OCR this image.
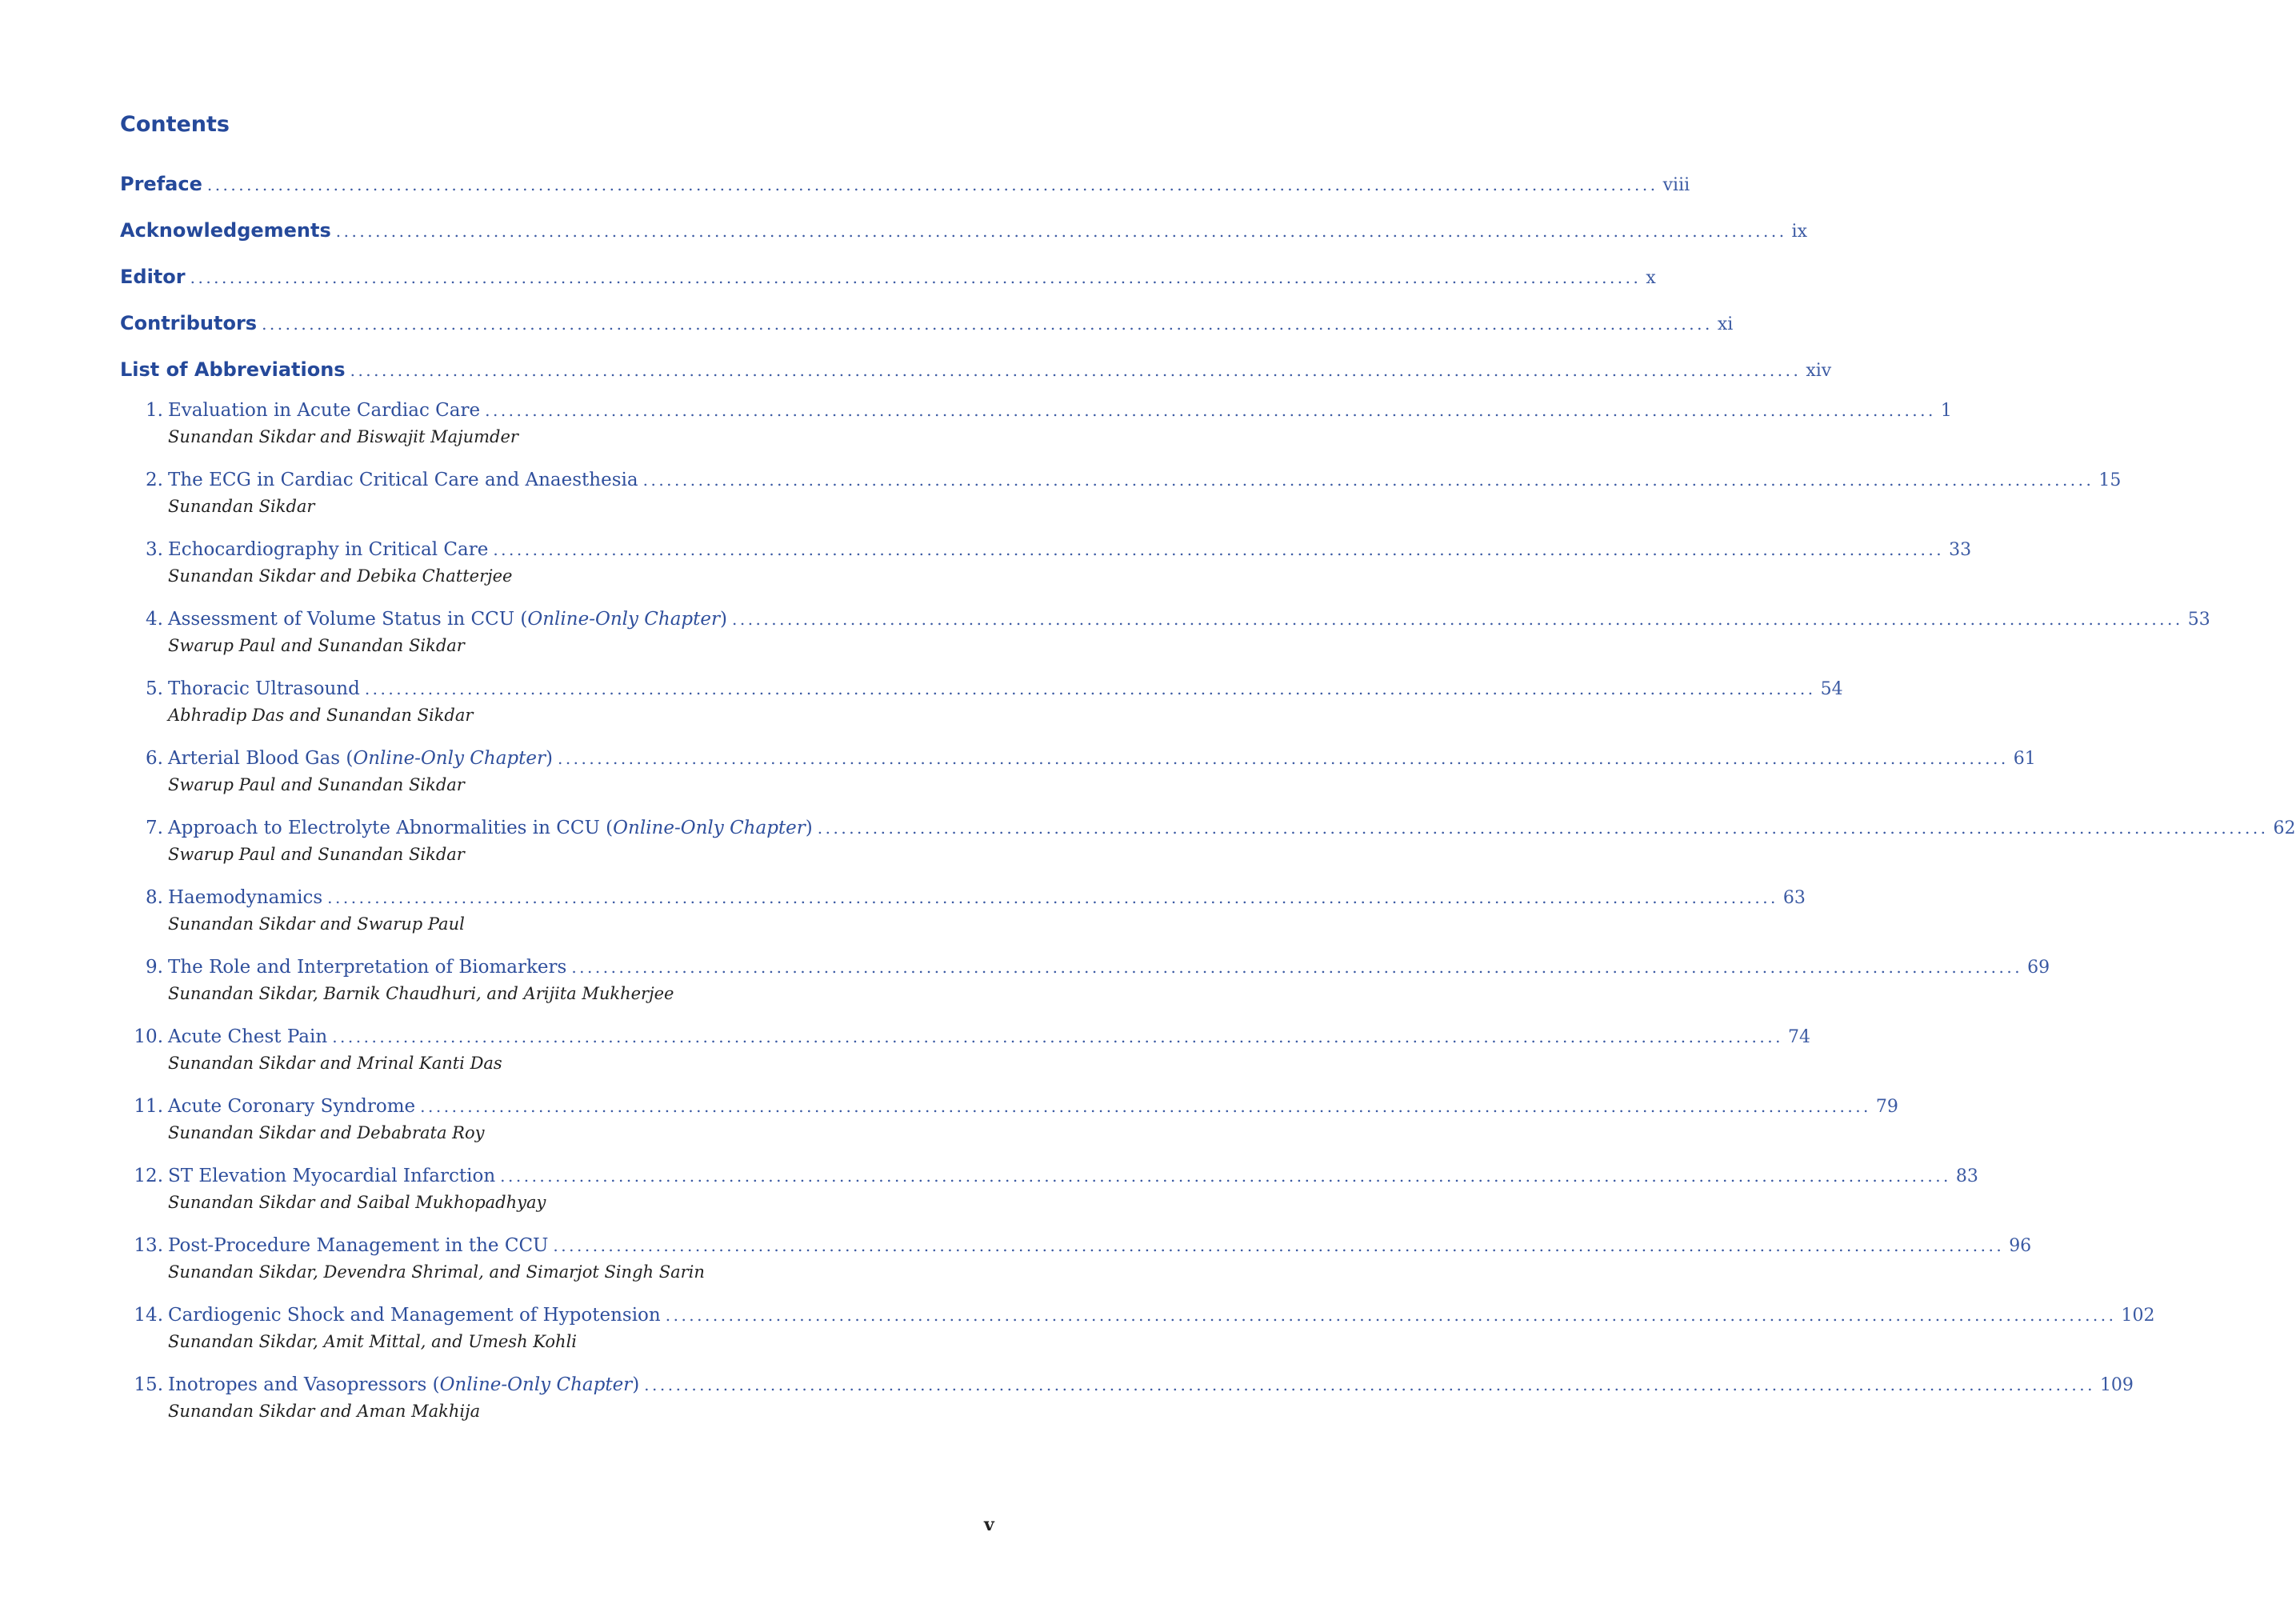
Contents
Preface ........................................................................................................................................................................................ viii
Acknowledgements ........................................................................................................................................................................................ ix
Editor ........................................................................................................................................................................................ x
Contributors ........................................................................................................................................................................................ xi
List of Abbreviations ........................................................................................................................................................................................ xiv
1. Evaluation in Acute Cardiac Care ........................................................................................................................................................................................ 1
Sunandan Sikdar and Biswajit Majumder
2. The ECG in Cardiac Critical Care and Anaesthesia ........................................................................................................................................................................................ 15
Sunandan Sikdar
3. Echocardiography in Critical Care ........................................................................................................................................................................................ 33
Sunandan Sikdar and Debika Chatterjee
4. Assessment of Volume Status in CCU (Online-Only Chapter) ........................................................................................................................................................................................ 53
Swarup Paul and Sunandan Sikdar
5. Thoracic Ultrasound ........................................................................................................................................................................................ 54
Abhradip Das and Sunandan Sikdar
6. Arterial Blood Gas (Online-Only Chapter) ........................................................................................................................................................................................ 61
Swarup Paul and Sunandan Sikdar
7. Approach to Electrolyte Abnormalities in CCU (Online-Only Chapter) ........................................................................................................................................................................................ 62
Swarup Paul and Sunandan Sikdar
8. Haemodynamics ........................................................................................................................................................................................ 63
Sunandan Sikdar and Swarup Paul
9. The Role and Interpretation of Biomarkers ........................................................................................................................................................................................ 69
Sunandan Sikdar, Barnik Chaudhuri, and Arijita Mukherjee
10. Acute Chest Pain ........................................................................................................................................................................................ 74
Sunandan Sikdar and Mrinal Kanti Das
11. Acute Coronary Syndrome ........................................................................................................................................................................................ 79
Sunandan Sikdar and Debabrata Roy
12. ST Elevation Myocardial Infarction ........................................................................................................................................................................................ 83
Sunandan Sikdar and Saibal Mukhopadhyay
13. Post-Procedure Management in the CCU ........................................................................................................................................................................................ 96
Sunandan Sikdar, Devendra Shrimal, and Simarjot Singh Sarin
14. Cardiogenic Shock and Management of Hypotension ........................................................................................................................................................................................ 102
Sunandan Sikdar, Amit Mittal, and Umesh Kohli
15. Inotropes and Vasopressors (Online-Only Chapter) ........................................................................................................................................................................................ 109
Sunandan Sikdar and Aman Makhija
v
